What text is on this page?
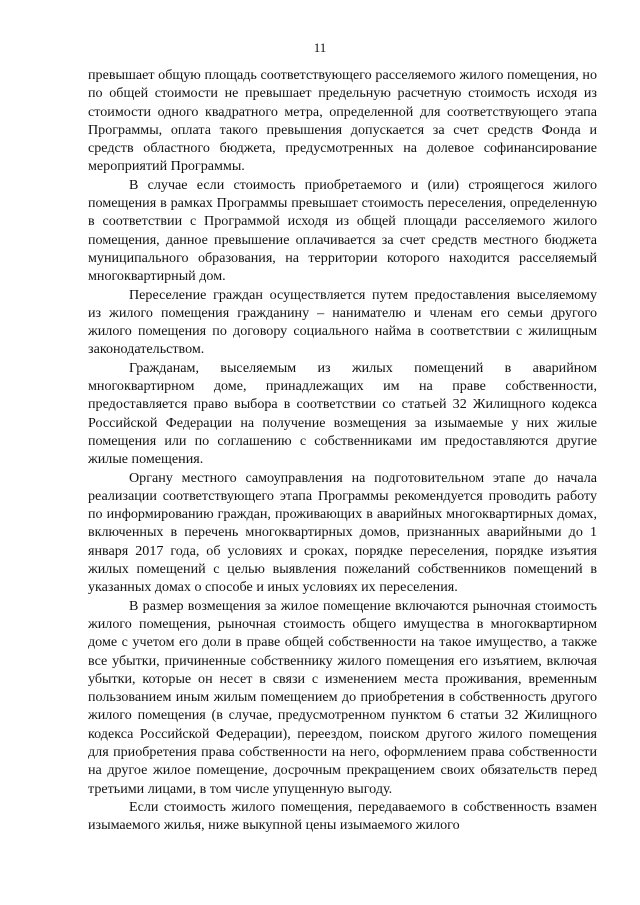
11

превышает общую площадь соответствующего расселяемого жилого помещения, но по общей стоимости не превышает предельную расчетную стоимость исходя из стоимости одного квадратного метра, определенной для соответствующего этапа Программы, оплата такого превышения допускается за счет средств Фонда и средств областного бюджета, предусмотренных на долевое софинансирование мероприятий Программы.

В случае если стоимость приобретаемого и (или) строящегося жилого помещения в рамках Программы превышает стоимость переселения, определенную в соответствии с Программой исходя из общей площади расселяемого жилого помещения, данное превышение оплачивается за счет средств местного бюджета муниципального образования, на территории которого находится расселяемый многоквартирный дом.

Переселение граждан осуществляется путем предоставления выселяемому из жилого помещения гражданину – нанимателю и членам его семьи другого жилого помещения по договору социального найма в соответствии с жилищным законодательством.

Гражданам, выселяемым из жилых помещений в аварийном многоквартирном доме, принадлежащих им на праве собственности, предоставляется право выбора в соответствии со статьей 32 Жилищного кодекса Российской Федерации на получение возмещения за изымаемые у них жилые помещения или по соглашению с собственниками им предоставляются другие жилые помещения.

Органу местного самоуправления на подготовительном этапе до начала реализации соответствующего этапа Программы рекомендуется проводить работу по информированию граждан, проживающих в аварийных многоквартирных домах, включенных в перечень многоквартирных домов, признанных аварийными до 1 января 2017 года, об условиях и сроках, порядке переселения, порядке изъятия жилых помещений с целью выявления пожеланий собственников помещений в указанных домах о способе и иных условиях их переселения.

В размер возмещения за жилое помещение включаются рыночная стоимость жилого помещения, рыночная стоимость общего имущества в многоквартирном доме с учетом его доли в праве общей собственности на такое имущество, а также все убытки, причиненные собственнику жилого помещения его изъятием, включая убытки, которые он несет в связи с изменением места проживания, временным пользованием иным жилым помещением до приобретения в собственность другого жилого помещения (в случае, предусмотренном пунктом 6 статьи 32 Жилищного кодекса Российской Федерации), переездом, поиском другого жилого помещения для приобретения права собственности на него, оформлением права собственности на другое жилое помещение, досрочным прекращением своих обязательств перед третьими лицами, в том числе упущенную выгоду.

Если стоимость жилого помещения, передаваемого в собственность взамен изымаемого жилья, ниже выкупной цены изымаемого жилого
